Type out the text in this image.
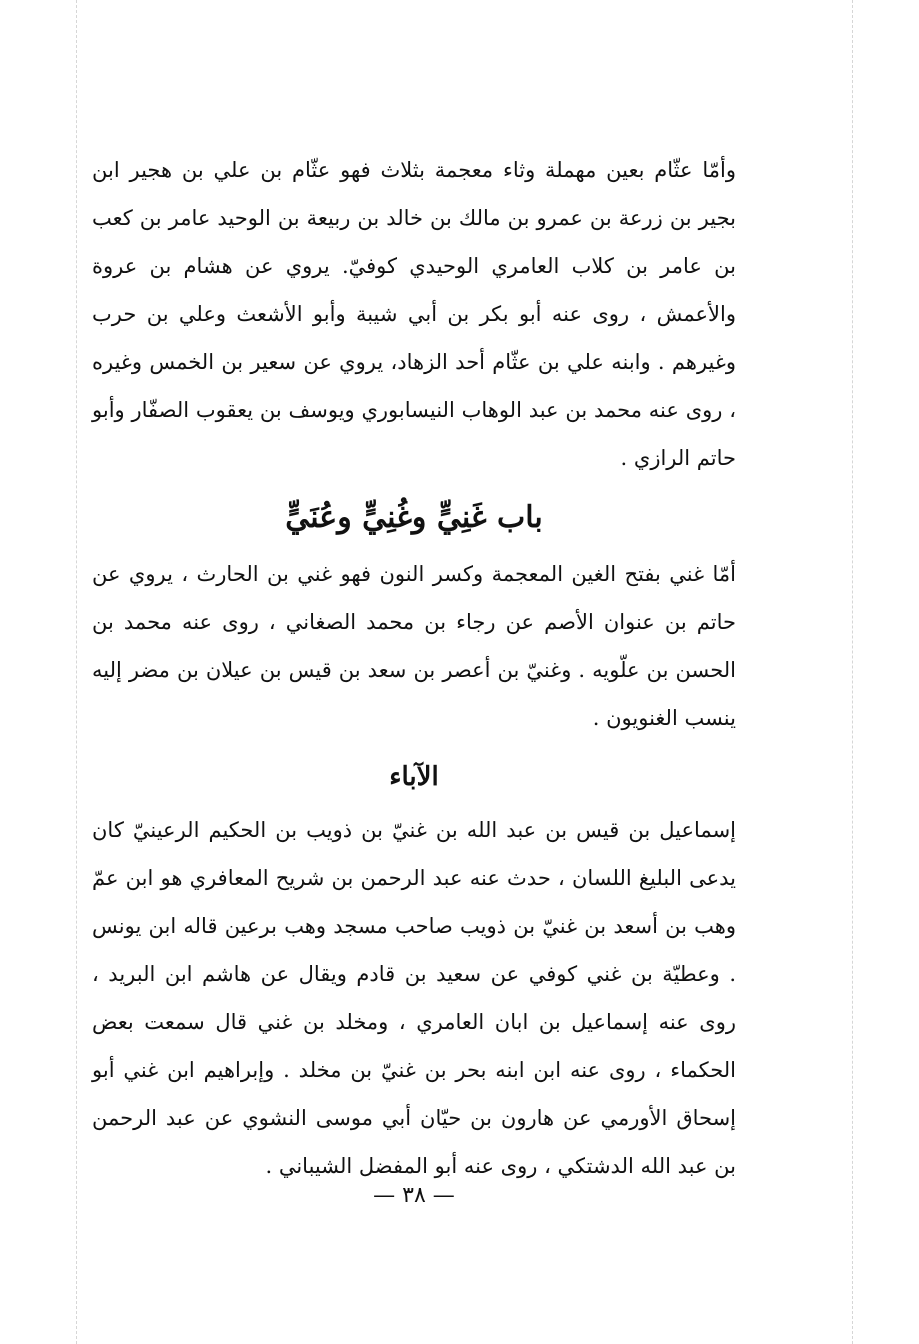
وأمّا عثّام بعين مهملة وثاء معجمة بثلاث فهو عثّام بن علي بن هجير ابن بجير بن زرعة بن عمرو بن مالك بن خالد بن ربيعة بن الوحيد عامر بن كعب بن عامر بن كلاب العامري الوحيدي كوفيّ. يروي عن هشام بن عروة والأعمش ، روى عنه أبو بكر بن أبي شيبة وأبو الأشعث وعلي بن حرب وغيرهم . وابنه علي بن عثّام أحد الزهاد، يروي عن سعير بن الخمس وغيره ، روى عنه محمد بن عبد الوهاب النيسابوري ويوسف بن يعقوب الصفّار وأبو حاتم الرازي .

باب غَنِيٍّ وغُنِيٍّ وعُنَيٍّ

أمّا غني بفتح الغين المعجمة وكسر النون فهو غني بن الحارث ، يروي عن حاتم بن عنوان الأصم عن رجاء بن محمد الصغاني ، روى عنه محمد بن الحسن بن علّويه . وغنيّ بن أعصر بن سعد بن قيس بن عيلان بن مضر إليه ينسب الغنويون .

الآباء

إسماعيل بن قيس بن عبد الله بن غنيّ بن ذويب بن الحكيم الرعينيّ كان يدعى البليغ اللسان ، حدث عنه عبد الرحمن بن شريح المعافري هو ابن عمّ وهب بن أسعد بن غنيّ بن ذويب صاحب مسجد وهب برعين قاله ابن يونس . وعطيّة بن غني كوفي عن سعيد بن قادم ويقال عن هاشم ابن البريد ، روى عنه إسماعيل بن ابان العامري ، ومخلد بن غني قال سمعت بعض الحكماء ، روى عنه ابن ابنه بحر بن غنيّ بن مخلد . وإبراهيم ابن غني أبو إسحاق الأورمي عن هارون بن حيّان أبي موسى النشوي عن عبد الرحمن بن عبد الله الدشتكي ، روى عنه أبو المفضل الشيباني .

— ٣٨ —
